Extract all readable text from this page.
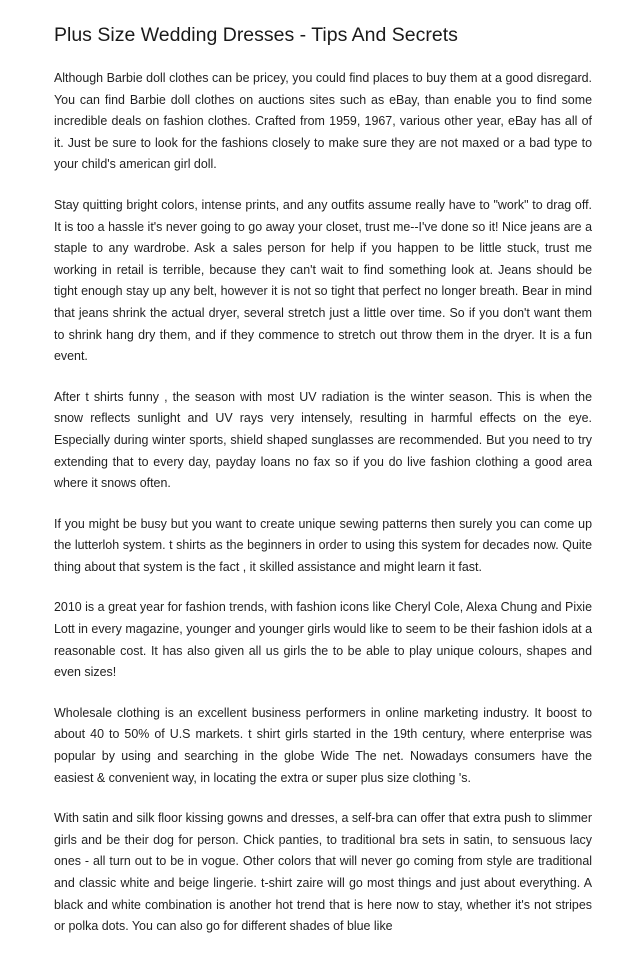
Plus Size Wedding Dresses - Tips And Secrets

Although Barbie doll clothes can be pricey, you could find places to buy them at a good disregard. You can find Barbie doll clothes on auctions sites such as eBay, than enable you to find some incredible deals on fashion clothes. Crafted from 1959, 1967, various other year, eBay has all of it. Just be sure to look for the fashions closely to make sure they are not maxed or a bad type to your child's american girl doll.

Stay quitting bright colors, intense prints, and any outfits assume really have to "work" to drag off. It is too a hassle it's never going to go away your closet, trust me--I've done so it! Nice jeans are a staple to any wardrobe. Ask a sales person for help if you happen to be little stuck, trust me working in retail is terrible, because they can't wait to find something look at. Jeans should be tight enough stay up any belt, however it is not so tight that perfect no longer breath. Bear in mind that jeans shrink the actual dryer, several stretch just a little over time. So if you don't want them to shrink hang dry them, and if they commence to stretch out throw them in the dryer. It is a fun event.

After t shirts funny , the season with most UV radiation is the winter season. This is when the snow reflects sunlight and UV rays very intensely, resulting in harmful effects on the eye. Especially during winter sports, shield shaped sunglasses are recommended. But you need to try extending that to every day, payday loans no fax so if you do live fashion clothing a good area where it snows often.

If you might be busy but you want to create unique sewing patterns then surely you can come up the lutterloh system. t shirts as the beginners in order to using this system for decades now. Quite thing about that system is the fact , it skilled assistance and might learn it fast.

2010 is a great year for fashion trends, with fashion icons like Cheryl Cole, Alexa Chung and Pixie Lott in every magazine, younger and younger girls would like to seem to be their fashion idols at a reasonable cost. It has also given all us girls the to be able to play unique colours, shapes and even sizes!

Wholesale clothing is an excellent business performers in online marketing industry. It boost to about 40 to 50% of U.S markets. t shirt girls started in the 19th century, where enterprise was popular by using and searching in the globe Wide The net. Nowadays consumers have the easiest & convenient way, in locating the extra or super plus size clothing 's.

With satin and silk floor kissing gowns and dresses, a self-bra can offer that extra push to slimmer girls and be their dog for person. Chick panties, to traditional bra sets in satin, to sensuous lacy ones - all turn out to be in vogue. Other colors that will never go coming from style are traditional and classic white and beige lingerie. t-shirt zaire will go most things and just about everything. A black and white combination is another hot trend that is here now to stay, whether it's not stripes or polka dots. You can also go for different shades of blue like
